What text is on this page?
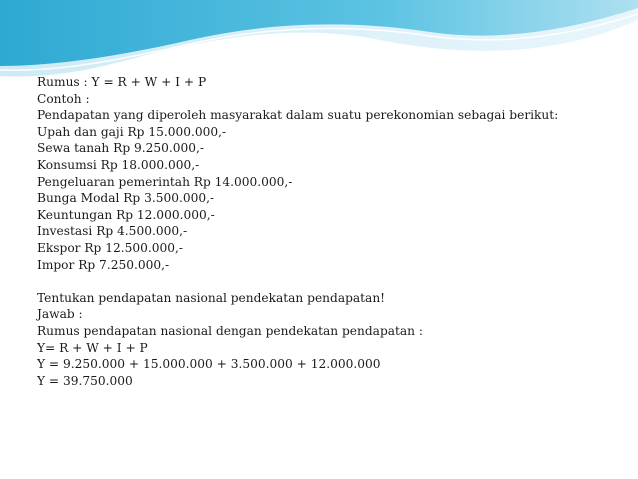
Rumus : Y = R + W + I + P
Contoh :
Pendapatan yang diperoleh masyarakat dalam suatu perekonomian sebagai berikut:
Upah dan gaji Rp 15.000.000,-
Sewa tanah Rp 9.250.000,-
Konsumsi Rp 18.000.000,-
Pengeluaran pemerintah Rp 14.000.000,-
Bunga Modal Rp 3.500.000,-
Keuntungan Rp 12.000.000,-
Investasi Rp 4.500.000,-
Ekspor Rp 12.500.000,-
Impor Rp 7.250.000,-
Tentukan pendapatan nasional pendekatan pendapatan!
Jawab :
Rumus pendapatan nasional dengan pendekatan pendapatan :
Y= R + W + I + P
Y = 9.250.000 + 15.000.000 + 3.500.000 + 12.000.000
Y = 39.750.000
